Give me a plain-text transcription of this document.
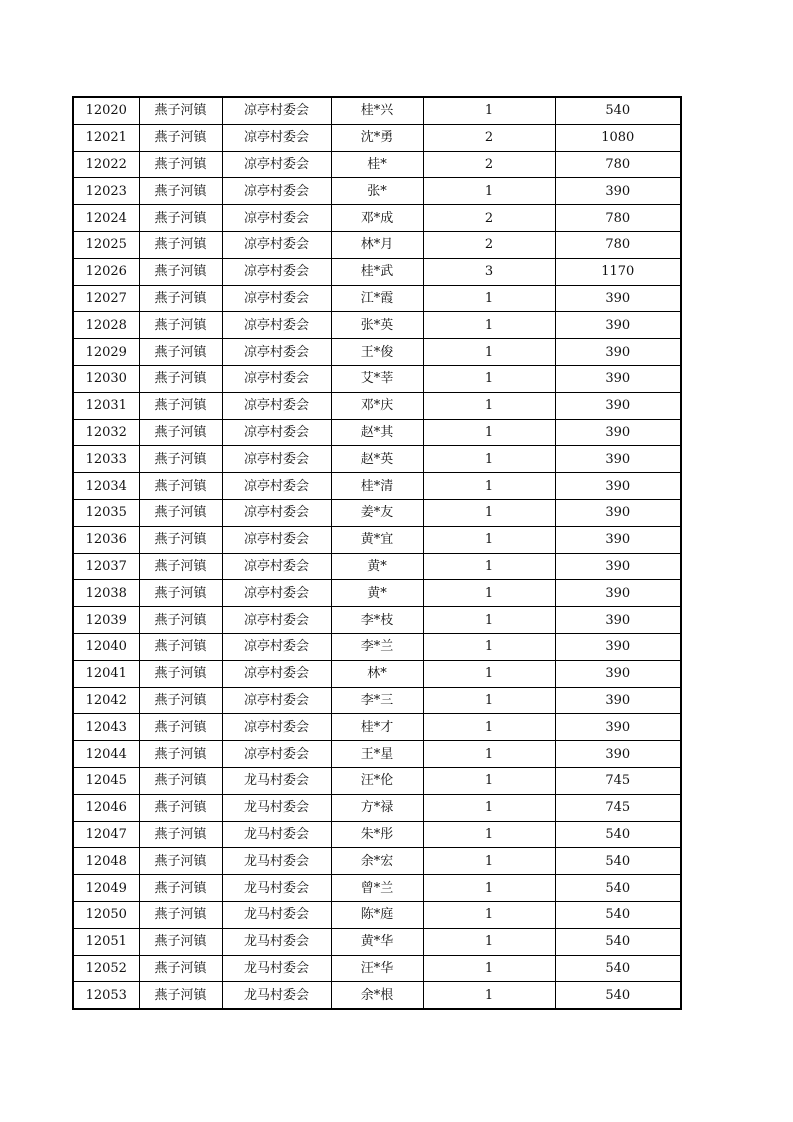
12020	燕子河镇	凉亭村委会	桂*兴	1	540
12021	燕子河镇	凉亭村委会	沈*勇	2	1080
12022	燕子河镇	凉亭村委会	桂*	2	780
12023	燕子河镇	凉亭村委会	张*	1	390
12024	燕子河镇	凉亭村委会	邓*成	2	780
12025	燕子河镇	凉亭村委会	林*月	2	780
12026	燕子河镇	凉亭村委会	桂*武	3	1170
12027	燕子河镇	凉亭村委会	江*霞	1	390
12028	燕子河镇	凉亭村委会	张*英	1	390
12029	燕子河镇	凉亭村委会	王*俊	1	390
12030	燕子河镇	凉亭村委会	艾*莘	1	390
12031	燕子河镇	凉亭村委会	邓*庆	1	390
12032	燕子河镇	凉亭村委会	赵*其	1	390
12033	燕子河镇	凉亭村委会	赵*英	1	390
12034	燕子河镇	凉亭村委会	桂*清	1	390
12035	燕子河镇	凉亭村委会	姜*友	1	390
12036	燕子河镇	凉亭村委会	黄*宜	1	390
12037	燕子河镇	凉亭村委会	黄*	1	390
12038	燕子河镇	凉亭村委会	黄*	1	390
12039	燕子河镇	凉亭村委会	李*枝	1	390
12040	燕子河镇	凉亭村委会	李*兰	1	390
12041	燕子河镇	凉亭村委会	林*	1	390
12042	燕子河镇	凉亭村委会	李*三	1	390
12043	燕子河镇	凉亭村委会	桂*才	1	390
12044	燕子河镇	凉亭村委会	王*星	1	390
12045	燕子河镇	龙马村委会	汪*伦	1	745
12046	燕子河镇	龙马村委会	方*禄	1	745
12047	燕子河镇	龙马村委会	朱*彤	1	540
12048	燕子河镇	龙马村委会	余*宏	1	540
12049	燕子河镇	龙马村委会	曾*兰	1	540
12050	燕子河镇	龙马村委会	陈*庭	1	540
12051	燕子河镇	龙马村委会	黄*华	1	540
12052	燕子河镇	龙马村委会	汪*华	1	540
12053	燕子河镇	龙马村委会	余*根	1	540
